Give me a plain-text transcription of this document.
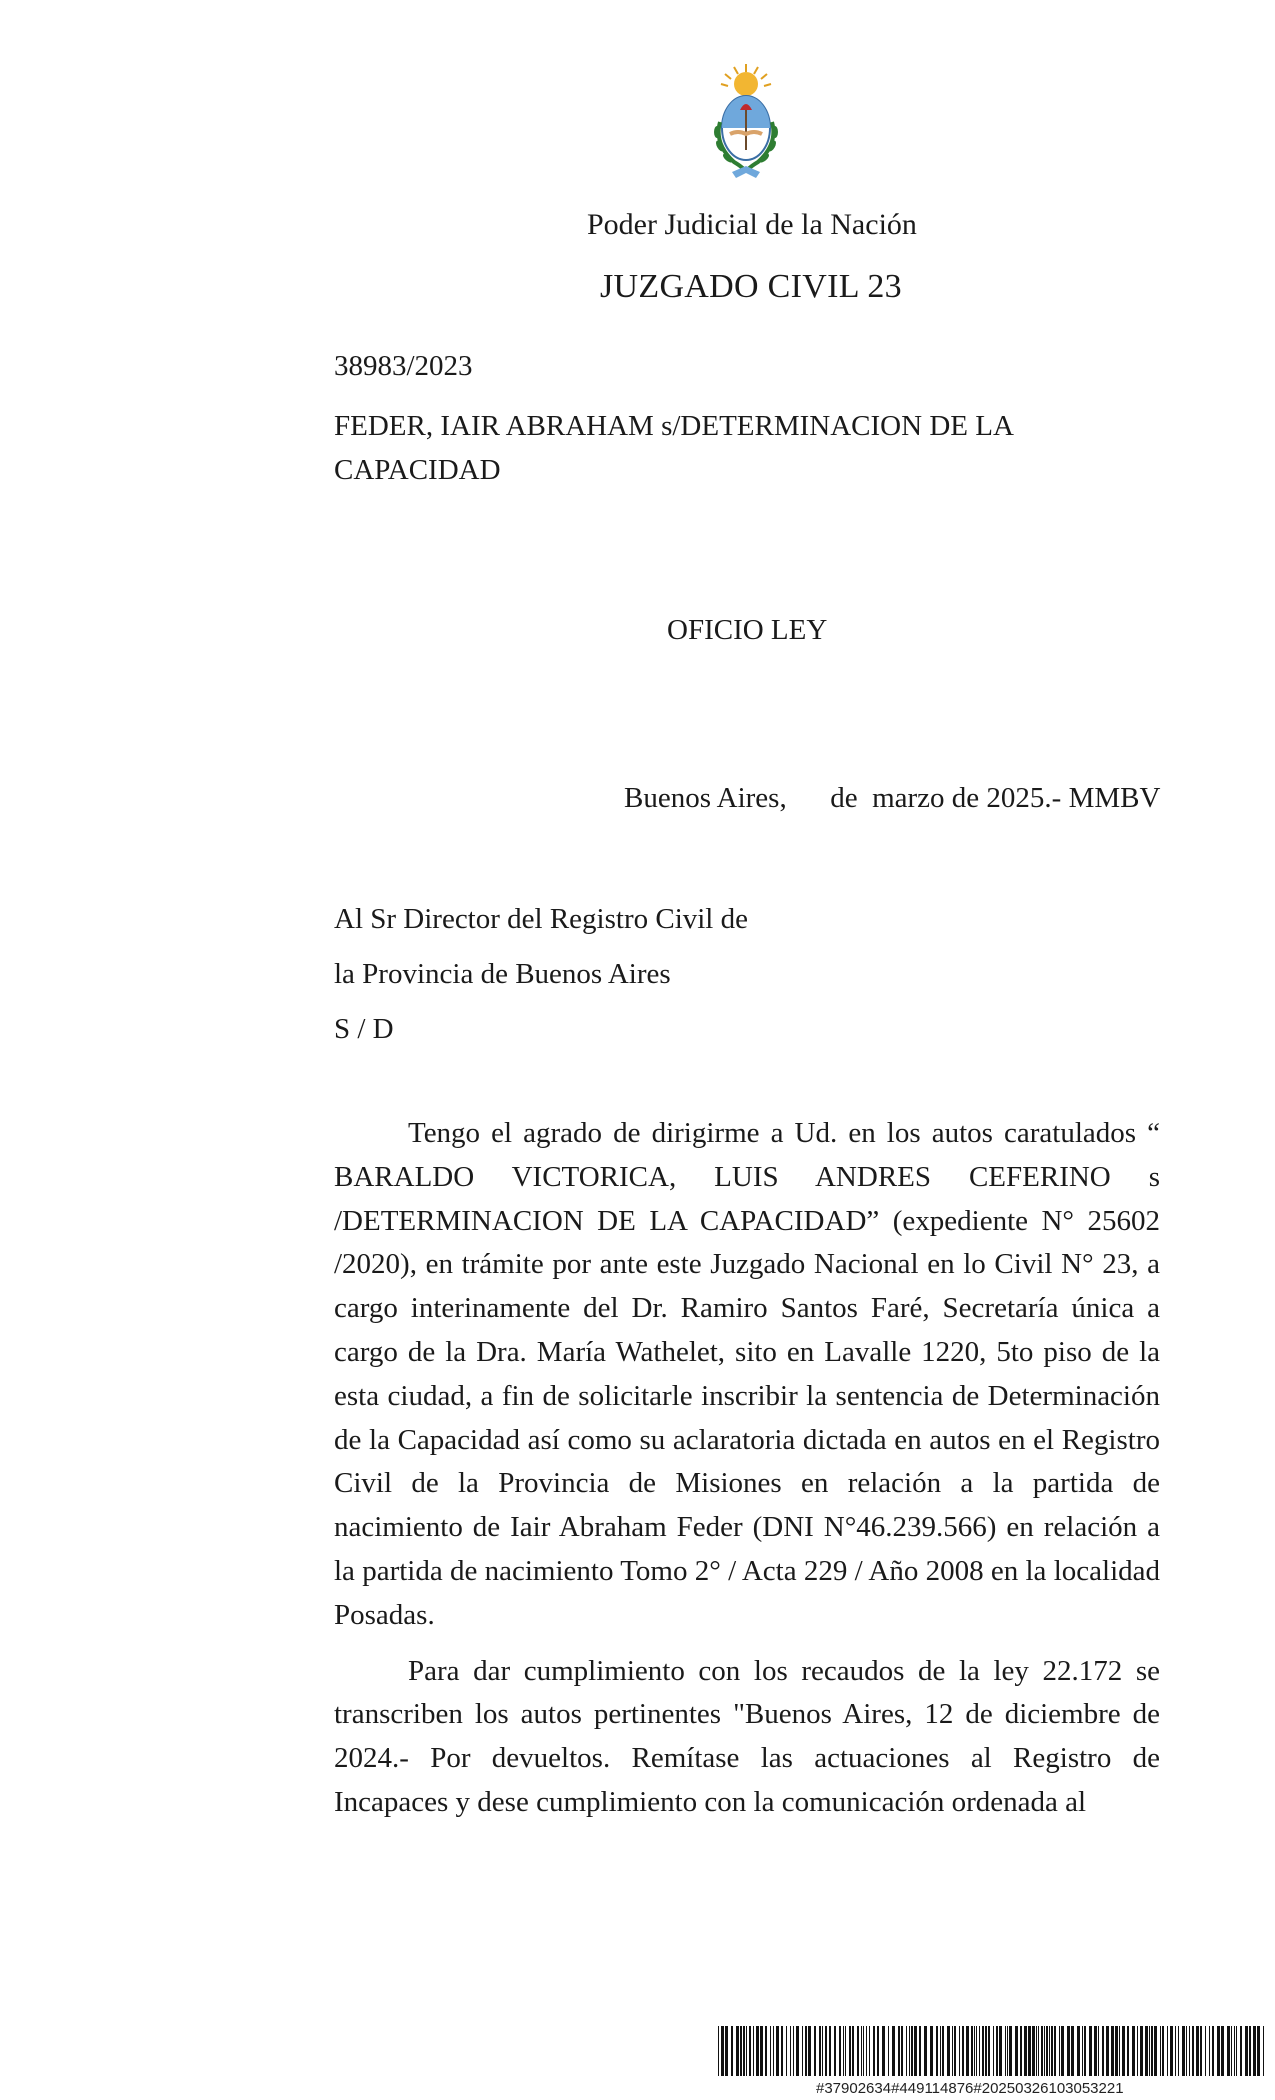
Poder Judicial de la Nación
JUZGADO CIVIL 23
38983/2023
FEDER, IAIR ABRAHAM s/DETERMINACION DE LA CAPACIDAD
OFICIO LEY
Buenos Aires,      de  marzo de 2025.- MMBV
Al Sr Director del Registro Civil de
la Provincia de Buenos Aires
S / D

Tengo el agrado de dirigirme a Ud. en los autos caratulados “ BARALDO VICTORICA, LUIS ANDRES CEFERINO s /DETERMINACION DE LA CAPACIDAD” (expediente N° 25602 /2020), en trámite por ante este Juzgado Nacional en lo Civil N° 23, a cargo interinamente del Dr. Ramiro Santos Faré, Secretaría única a cargo de la Dra. María Wathelet, sito en Lavalle 1220, 5to piso de la esta ciudad, a fin de solicitarle inscribir la sentencia de Determinación de la Capacidad así como su aclaratoria dictada en autos en el Registro Civil de la Provincia de Misiones en relación a la partida de nacimiento de Iair Abraham Feder (DNI N°46.239.566) en relación a la partida de nacimiento Tomo 2° / Acta 229 / Año 2008 en la localidad Posadas.

Para dar cumplimiento con los recaudos de la ley 22.172 se transcriben los autos pertinentes "Buenos Aires, 12 de diciembre de 2024.- Por devueltos. Remítase las actuaciones al Registro de Incapaces y dese cumplimiento con la comunicación ordenada al

#37902634#449114876#20250326103053221
